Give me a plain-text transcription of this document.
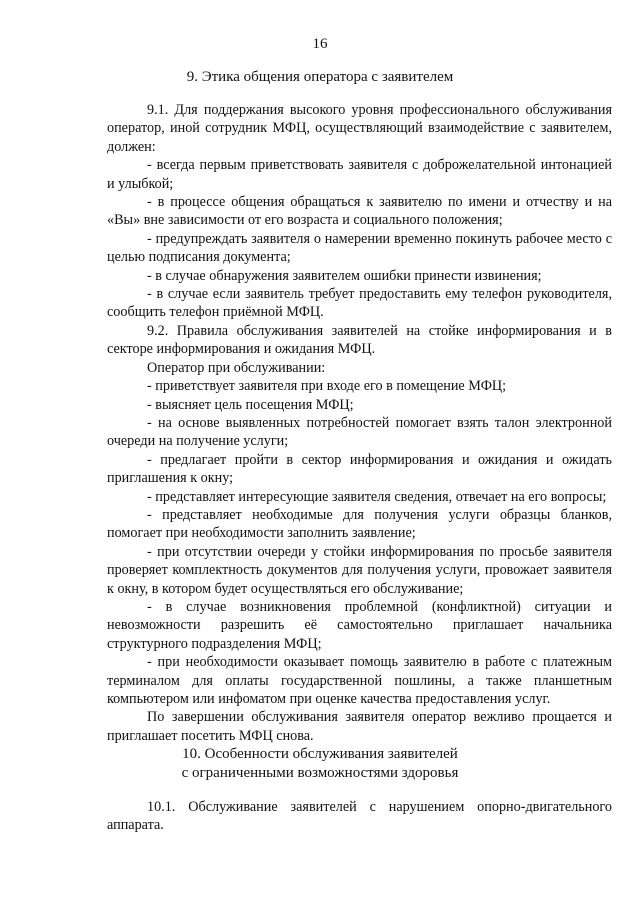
16
9. Этика общения оператора с заявителем

9.1. Для поддержания высокого уровня профессионального обслуживания оператор, иной сотрудник МФЦ, осуществляющий взаимодействие с заявителем, должен:

- всегда первым приветствовать заявителя с доброжелательной интонацией и улыбкой;

- в процессе общения обращаться к заявителю по имени и отчеству и на «Вы» вне зависимости от его возраста и социального положения;

- предупреждать заявителя о намерении временно покинуть рабочее место с целью подписания документа;

- в случае обнаружения заявителем ошибки принести извинения;

- в случае если заявитель требует предоставить ему телефон руководителя, сообщить телефон приёмной МФЦ.

9.2. Правила обслуживания заявителей на стойке информирования и в секторе информирования и ожидания МФЦ.

Оператор при обслуживании:

- приветствует заявителя при входе его в помещение МФЦ;

- выясняет цель посещения МФЦ;

- на основе выявленных потребностей помогает взять талон электронной очереди на получение услуги;

- предлагает пройти в сектор информирования и ожидания и ожидать приглашения к окну;

- представляет интересующие заявителя сведения, отвечает на его вопросы;

- представляет необходимые для получения услуги образцы бланков, помогает при необходимости заполнить заявление;

- при отсутствии очереди у стойки информирования по просьбе заявителя проверяет комплектность документов для получения услуги, провожает заявителя к окну, в котором будет осуществляться его обслуживание;

- в случае возникновения проблемной (конфликтной) ситуации и невозможности разрешить её самостоятельно приглашает начальника структурного подразделения МФЦ;

- при необходимости оказывает помощь заявителю в работе с платежным терминалом для оплаты государственной пошлины, а также планшетным компьютером или инфоматом при оценке качества предоставления услуг.

По завершении обслуживания заявителя оператор вежливо прощается и приглашает посетить МФЦ снова.

10. Особенности обслуживания заявителей
с ограниченными возможностями здоровья

10.1. Обслуживание заявителей с нарушением опорно-двигательного аппарата.
